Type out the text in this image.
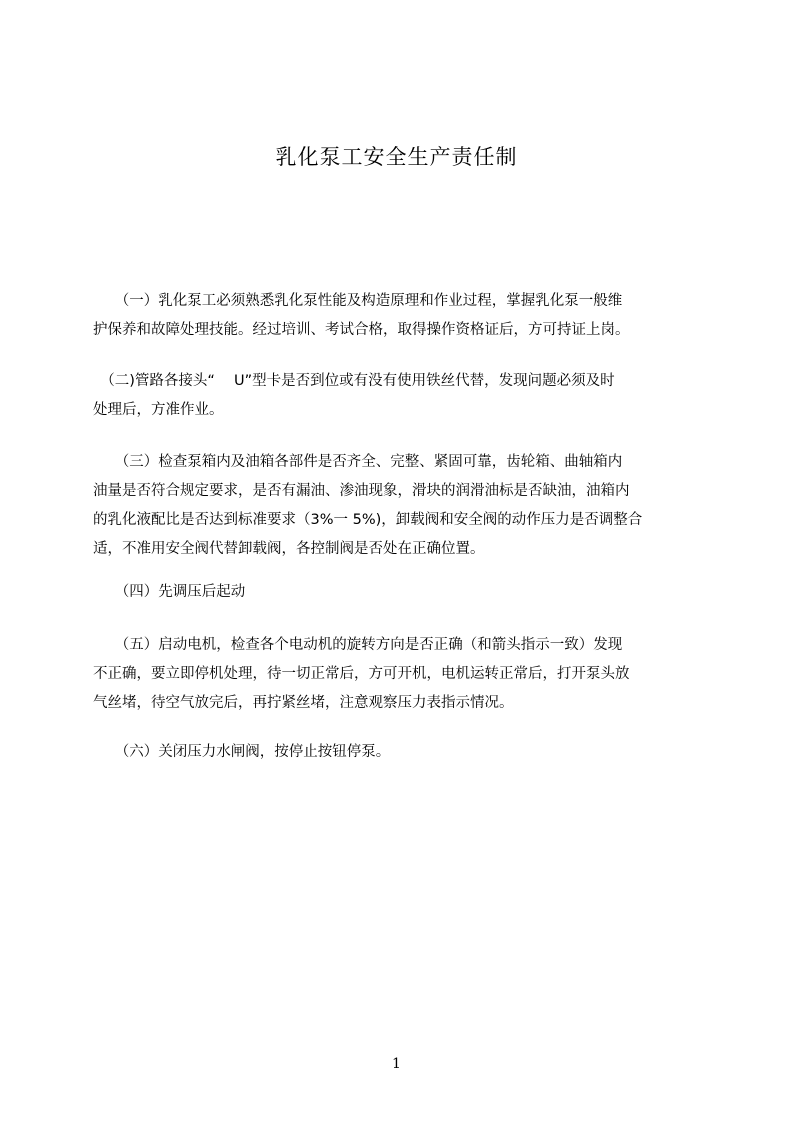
乳化泵工安全生产责任制

　　（一）乳化泵工必须熟悉乳化泵性能及构造原理和作业过程，掌握乳化泵一般维
护保养和故障处理技能。经过培训、考试合格，取得操作资格证后，方可持证上岗。

　（二)管路各接头“　 U”型卡是否到位或有没有使用铁丝代替，发现问题必须及时
处理后，方准作业。

　　（三）检查泵箱内及油箱各部件是否齐全、完整、紧固可靠，齿轮箱、曲轴箱内
油量是否符合规定要求，是否有漏油、渗油现象，滑块的润滑油标是否缺油，油箱内
的乳化液配比是否达到标准要求（3%一 5%)，卸载阀和安全阀的动作压力是否调整合
适，不准用安全阀代替卸载阀，各控制阀是否处在正确位置。

　　（四）先调压后起动

　　（五）启动电机，检查各个电动机的旋转方向是否正确（和箭头指示一致）发现
不正确，要立即停机处理，待一切正常后，方可开机，电机运转正常后，打开泵头放
气丝堵，待空气放完后，再拧紧丝堵，注意观察压力表指示情况。

　　（六）关闭压力水闸阀，按停止按钮停泵。

1
